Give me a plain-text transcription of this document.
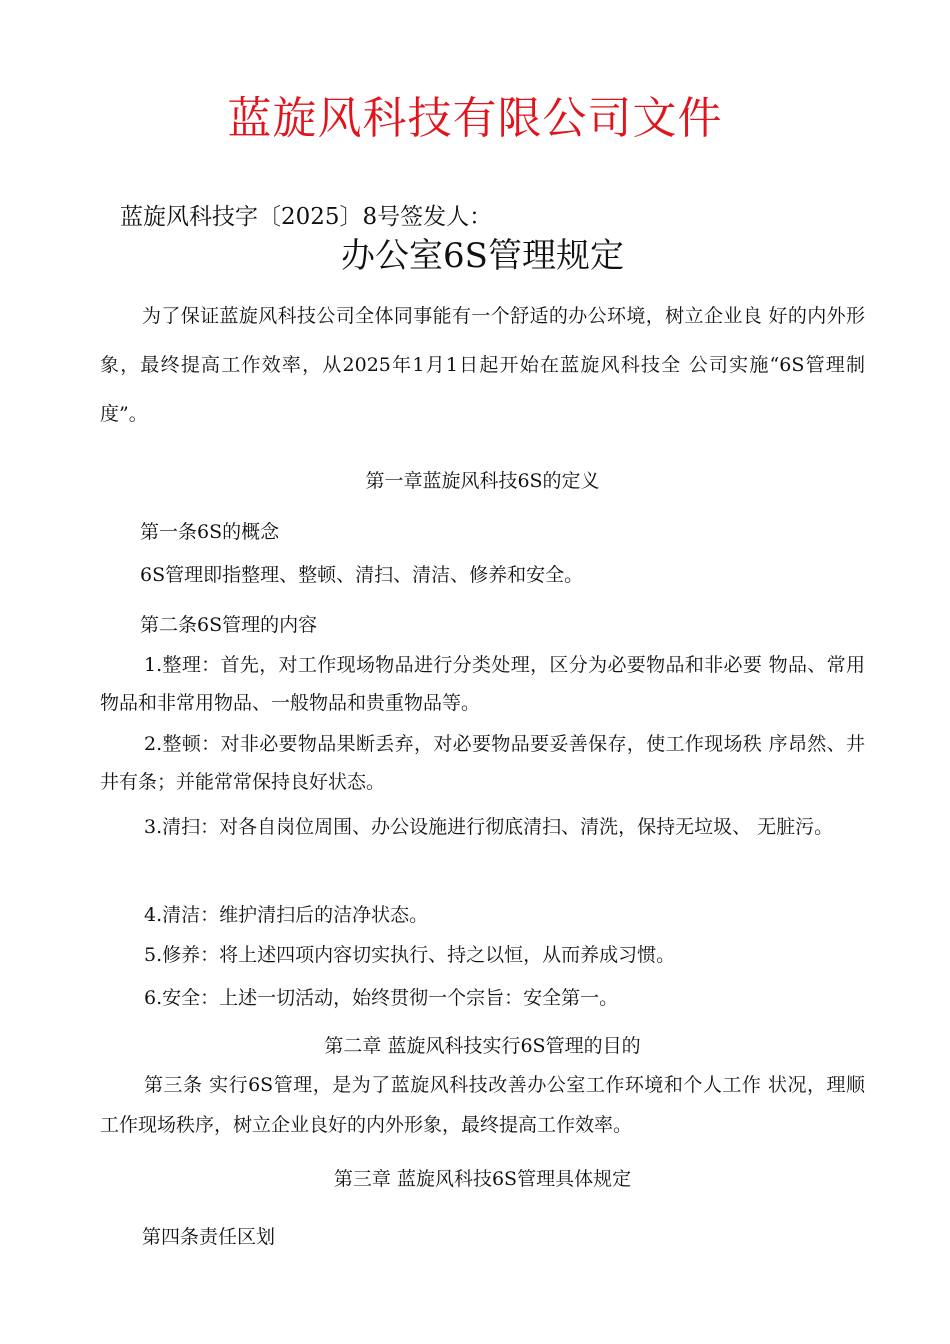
蓝旋风科技有限公司文件
蓝旋风科技字〔2025〕8号签发人：
办公室6S管理规定

为了保证蓝旋风科技公司全体同事能有一个舒适的办公环境，树立企业良 好的内外形象，最终提高工作效率，从2025年1月1日起开始在蓝旋风科技全 公司实施“6S管理制度”。

第一章蓝旋风科技6S的定义
第一条6S的概念
6S管理即指整理、整顿、清扫、清洁、修养和安全。
第二条6S管理的内容

1.整理：首先，对工作现场物品进行分类处理，区分为必要物品和非必要 物品、常用物品和非常用物品、一般物品和贵重物品等。

2.整顿：对非必要物品果断丢弃，对必要物品要妥善保存，使工作现场秩 序昂然、井井有条；并能常常保持良好状态。

3.清扫：对各自岗位周围、办公设施进行彻底清扫、清洗，保持无垃圾、 无脏污。

4.清洁：维护清扫后的洁净状态。
5.修养：将上述四项内容切实执行、持之以恒，从而养成习惯。
6.安全：上述一切活动，始终贯彻一个宗旨：安全第一。
第二章 蓝旋风科技实行6S管理的目的

第三条 实行6S管理，是为了蓝旋风科技改善办公室工作环境和个人工作 状况，理顺工作现场秩序，树立企业良好的内外形象，最终提高工作效率。

第三章 蓝旋风科技6S管理具体规定
第四条责任区划
